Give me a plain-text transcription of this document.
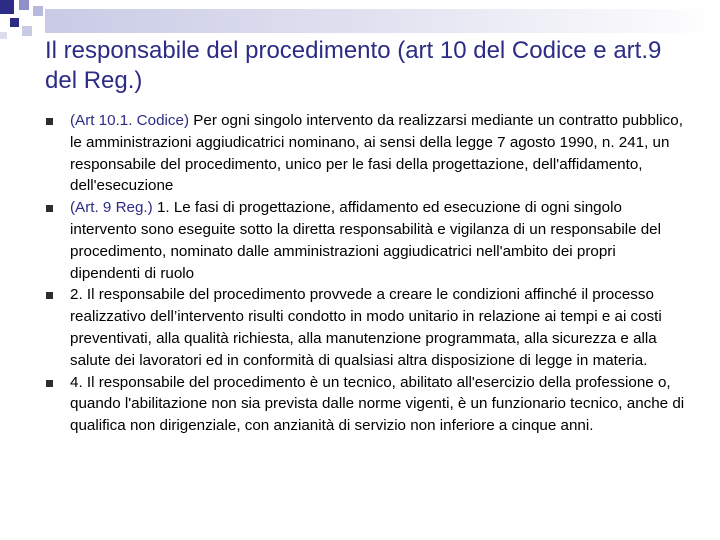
Il responsabile del procedimento (art 10 del Codice e art.9 del Reg.)
(Art 10.1. Codice) Per ogni singolo intervento da realizzarsi mediante un contratto pubblico, le amministrazioni aggiudicatrici nominano, ai sensi della legge 7 agosto 1990, n. 241, un responsabile del procedimento, unico per le fasi della progettazione, dell'affidamento, dell'esecuzione
(Art. 9 Reg.) 1. Le fasi di progettazione, affidamento ed esecuzione di ogni singolo intervento sono eseguite sotto la diretta responsabilità e vigilanza di un responsabile del procedimento, nominato dalle amministrazioni aggiudicatrici nell'ambito dei propri dipendenti di ruolo
2. Il responsabile del procedimento provvede a creare le condizioni affinché il processo realizzativo dell’intervento risulti condotto in modo unitario in relazione ai tempi e ai costi preventivati, alla qualità richiesta, alla manutenzione programmata, alla sicurezza e alla salute dei lavoratori ed in conformità di qualsiasi altra disposizione di legge in materia.
4. Il responsabile del procedimento è un tecnico, abilitato all'esercizio della professione o, quando l'abilitazione non sia prevista dalle norme vigenti, è un funzionario tecnico, anche di qualifica non dirigenziale, con anzianità di servizio non inferiore a cinque anni.
